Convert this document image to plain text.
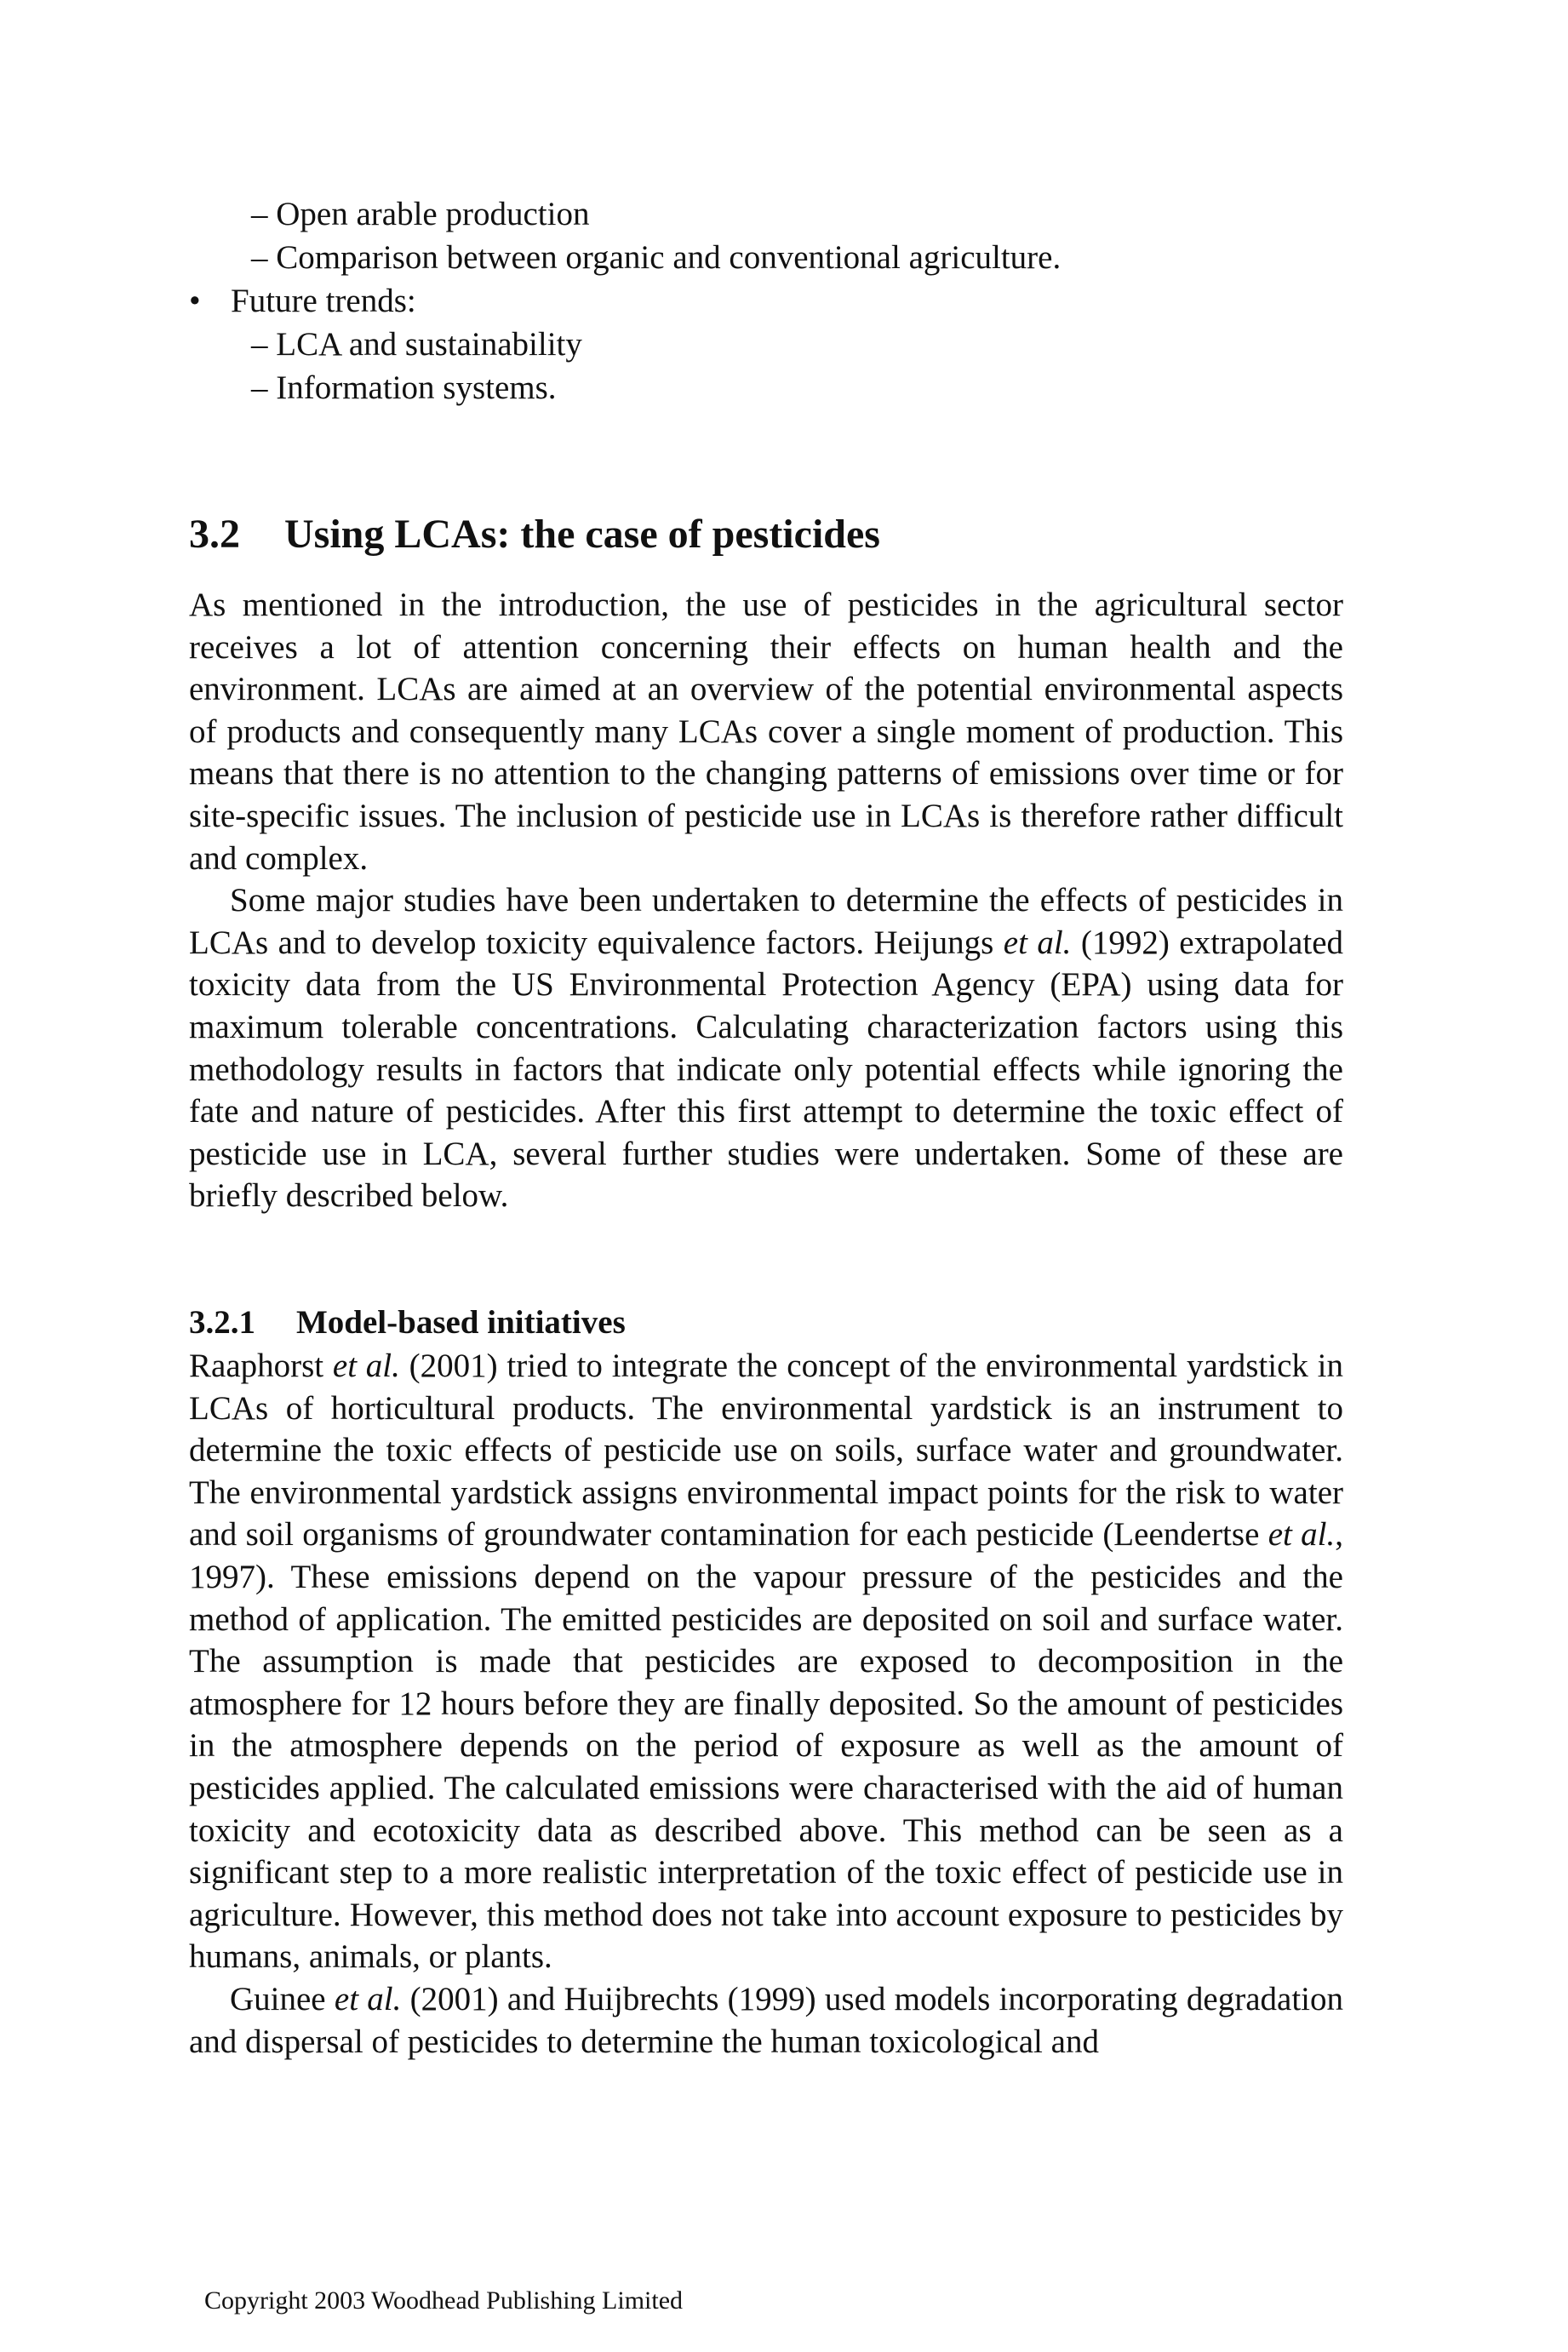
– Open arable production
– Comparison between organic and conventional agriculture.
• Future trends:
– LCA and sustainability
– Information systems.
3.2 Using LCAs: the case of pesticides

As mentioned in the introduction, the use of pesticides in the agricultural sector receives a lot of attention concerning their effects on human health and the environment. LCAs are aimed at an overview of the potential environmental aspects of products and consequently many LCAs cover a single moment of production. This means that there is no attention to the changing patterns of emissions over time or for site-specific issues. The inclusion of pesticide use in LCAs is therefore rather difficult and complex.

Some major studies have been undertaken to determine the effects of pesticides in LCAs and to develop toxicity equivalence factors. Heijungs et al. (1992) extrapolated toxicity data from the US Environmental Protection Agency (EPA) using data for maximum tolerable concentrations. Calculating characterization factors using this methodology results in factors that indicate only potential effects while ignoring the fate and nature of pesticides. After this first attempt to determine the toxic effect of pesticide use in LCA, several further studies were undertaken. Some of these are briefly described below.

3.2.1 Model-based initiatives

Raaphorst et al. (2001) tried to integrate the concept of the environmental yardstick in LCAs of horticultural products. The environmental yardstick is an instrument to determine the toxic effects of pesticide use on soils, surface water and groundwater. The environmental yardstick assigns environmental impact points for the risk to water and soil organisms of groundwater contamination for each pesticide (Leendertse et al., 1997). These emissions depend on the vapour pressure of the pesticides and the method of application. The emitted pesticides are deposited on soil and surface water. The assumption is made that pesticides are exposed to decomposition in the atmosphere for 12 hours before they are finally deposited. So the amount of pesticides in the atmosphere depends on the period of exposure as well as the amount of pesticides applied. The calculated emissions were characterised with the aid of human toxicity and ecotoxicity data as described above. This method can be seen as a significant step to a more realistic interpretation of the toxic effect of pesticide use in agriculture. However, this method does not take into account exposure to pesticides by humans, animals, or plants.

Guinee et al. (2001) and Huijbrechts (1999) used models incorporating degradation and dispersal of pesticides to determine the human toxicological and

Copyright 2003 Woodhead Publishing Limited
